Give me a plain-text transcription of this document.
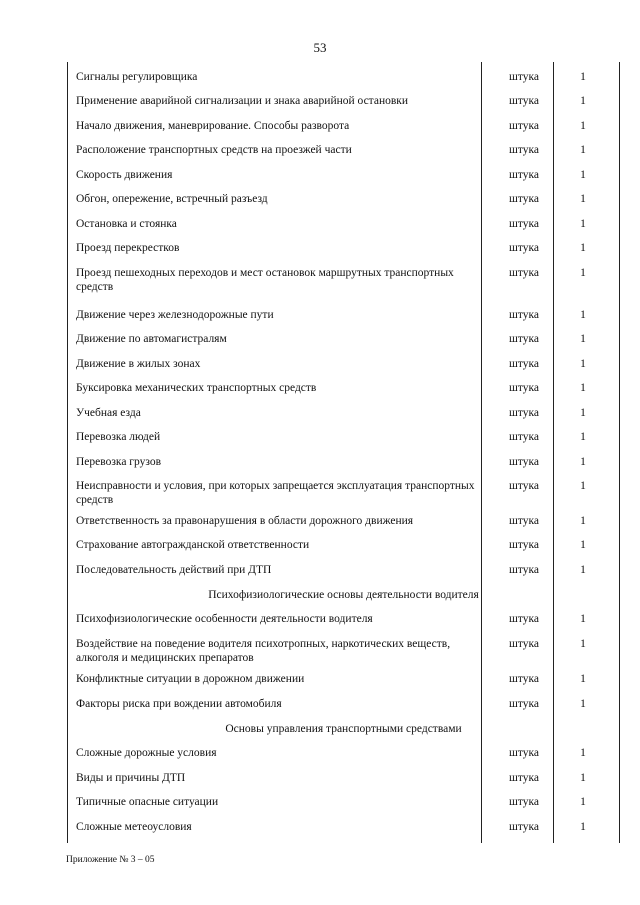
53
Сигналы регулировщика	штука	1
Применение аварийной сигнализации и знака аварийной остановки	штука	1
Начало движения, маневрирование. Способы разворота	штука	1
Расположение транспортных средств на проезжей части	штука	1
Скорость движения	штука	1
Обгон, опережение, встречный разъезд	штука	1
Остановка и стоянка	штука	1
Проезд перекрестков	штука	1
Проезд пешеходных переходов и мест остановок маршрутных транспортных средств
штука	1
Движение через железнодорожные пути	штука	1
Движение по автомагистралям	штука	1
Движение в жилых зонах	штука	1
Буксировка механических транспортных средств	штука	1
Учебная езда	штука	1
Перевозка людей	штука	1
Перевозка грузов	штука	1
Неисправности и условия, при которых запрещается эксплуатация транспортных средств
штука	1
Ответственность за правонарушения в области дорожного движения	штука	1
Страхование автогражданской ответственности	штука	1
Последовательность действий при ДТП	штука	1
Психофизиологические основы деятельности водителя
Психофизиологические особенности деятельности водителя	штука	1
Воздействие на поведение водителя психотропных, наркотических веществ, алкоголя и медицинских препаратов
штука	1
Конфликтные ситуации в дорожном движении	штука	1
Факторы риска при вождении автомобиля	штука	1
Основы управления транспортными средствами
Сложные дорожные условия	штука	1
Виды и причины ДТП	штука	1
Типичные опасные ситуации	штука	1
Сложные метеоусловия	штука	1
Приложение № 3 – 05
